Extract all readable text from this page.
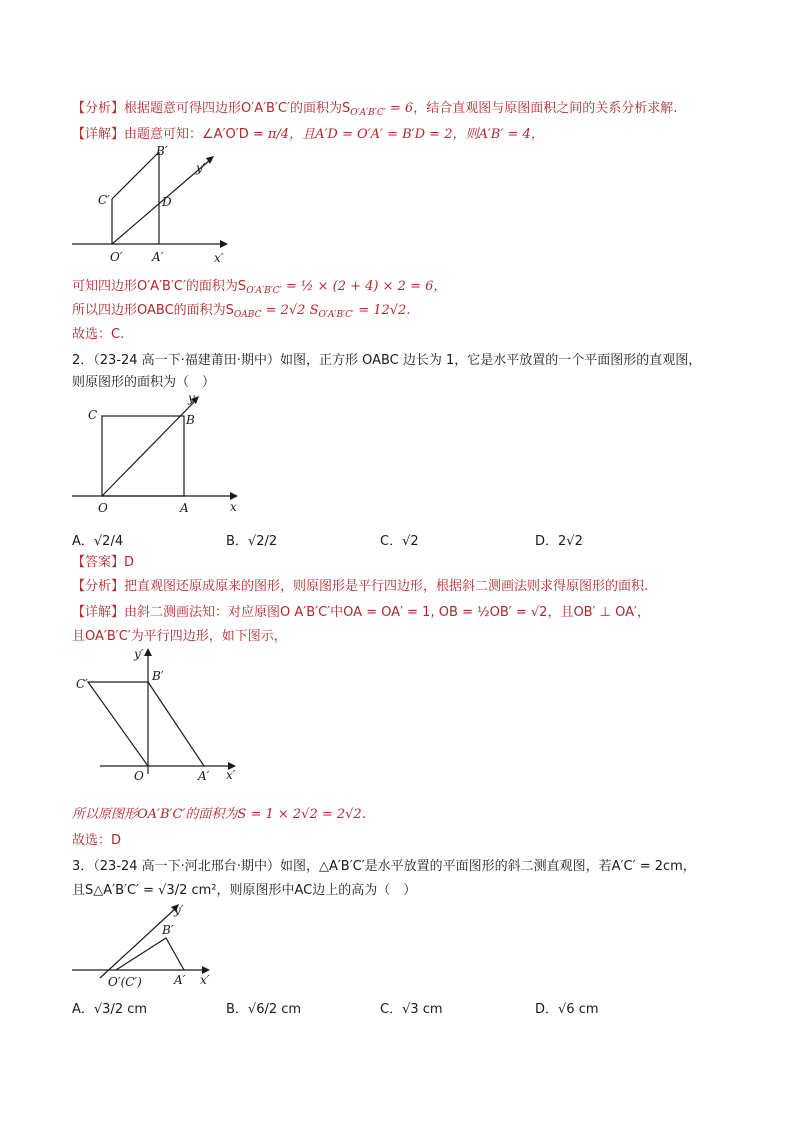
【分析】根据题意可得四边形O′A′B′C′的面积为$S_{O'A'B'C'} = 6$，结合直观图与原图面积之间的关系分析求解.
【详解】由题意可知：∠A′O′D = π/4，且A′D = O′A′ = B′D = 2，则A′B′ = 4，
B′
y′
C′	D
O′ A′	x′
可知四边形O′A′B′C′的面积为$S_{O'A'B'C'}$ = ½ × (2 + 4) × 2 = 6，
所以四边形OABC的面积为$S_{OABC} = 2√2$ $S_{O'A'B'C'} = 12√2$.
故选：C.
2．（23-24 高一下·福建莆田·期中）如图，正方形 OABC 边长为 1，它是水平放置的一个平面图形的直观图，
则原图形的面积为（　）
C	B
y
O	A	x
A．√2/4	B．√2/2	C．√2	D．2√2
【答案】D
【分析】把直观图还原成原来的图形，则原图形是平行四边形，根据斜二测画法则求得原图形的面积.
【详解】由斜二测画法知：对应原图O A′B′C′中OA = OA′ = 1, OB = ½OB′ = √2，且OB′ ⊥ OA′，
且OA′B′C′为平行四边形，如下图示，
y′
C′
B′
O	A′ x′
所以原图形OA′B′C′的面积为S = 1 × 2√2 = 2√2.
故选：D
3．（23-24 高一下·河北邢台·期中）如图，△A′B′C′是水平放置的平面图形的斜二测直观图，若A′C′ = 2cm，
且S△A′B′C′ = √3/2 cm²，则原图形中AC边上的高为（　）
y′
B′
O′(C′)	A′ x′
A．√3/2 cm	B．√6/2 cm	C．√3 cm	D．√6 cm
